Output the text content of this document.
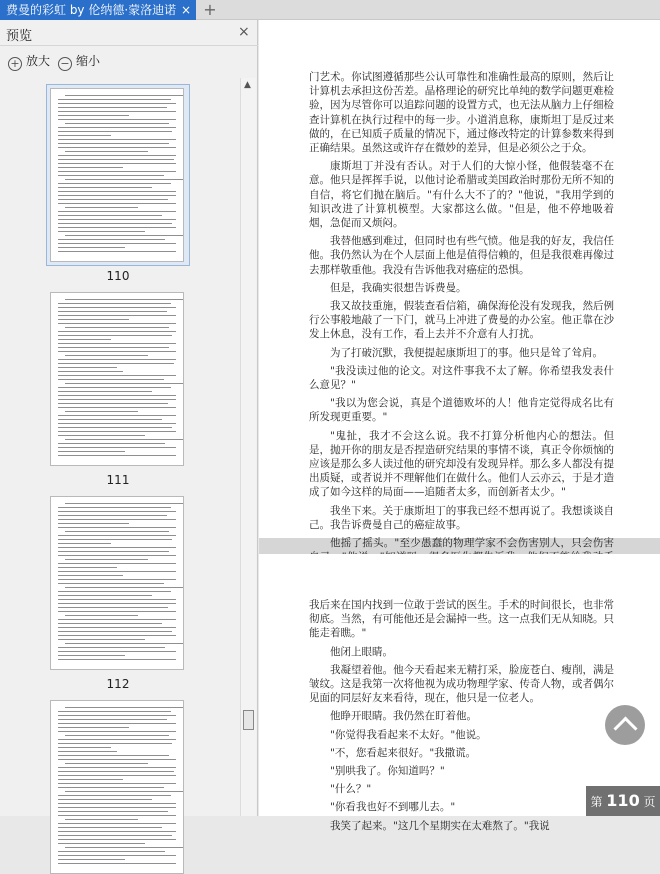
费曼的彩虹 by 伦纳德·蒙洛迪诺 × +
预览	×
+ 放大 − 缩小
110
111
112
▲

门艺术。你试图遵循那些公认可靠性和准确性最高的原则，然后让计算机去承担这份苦差。晶格理论的研究比单纯的数学问题更难检验，因为尽管你可以追踪问题的设置方式，也无法从脑力上仔细检查计算机在执行过程中的每一步。小道消息称，康斯坦丁是反过来做的，在已知质子质量的情况下，通过修改特定的计算参数来得到正确结果。虽然这或许存在微妙的差异，但是必须公之于众。

康斯坦丁并没有否认。对于人们的大惊小怪，他假装毫不在意。他只是挥挥手说，以他讨论希腊或美国政治时那份无所不知的自信，将它们抛在脑后。"有什么大不了的？"他说，"我用学到的知识改进了计算机模型。大家都这么做。"但是，他不停地吸着烟，急促而又烦闷。

我替他感到难过，但同时也有些气愤。他是我的好友，我信任他。我仍然认为在个人层面上他是值得信赖的，但是我很难再像过去那样敬重他。我没有告诉他我对癌症的恐惧。

但是，我确实很想告诉费曼。

我又故技重施，假装查看信箱，确保海伦没有发现我，然后例行公事般地敲了一下门，就马上冲进了费曼的办公室。他正靠在沙发上休息，没有工作，看上去并不介意有人打扰。

为了打破沉默，我便提起康斯坦丁的事。他只是耸了耸肩。

"我没读过他的论文。对这件事我不太了解。你希望我发表什么意见？"

"我以为您会说，真是个道德败坏的人！他肯定觉得成名比有所发现更重要。"

"鬼扯，我才不会这么说。我不打算分析他内心的想法。但是，抛开你的朋友是否捏造研究结果的事情不谈，真正令你烦恼的应该是那么多人读过他的研究却没有发现异样。那么多人都没有提出质疑，或者说并不理解他们在做什么。他们人云亦云，于是才造成了如今这样的局面——追随者太多，而创新者太少。"

我坐下来。关于康斯坦丁的事我已经不想再说了。我想谈谈自己。我告诉费曼自己的癌症故事。

他摇了摇头。"至少愚蠢的物理学家不会伤害别人，只会伤害

我后来在国内找到一位敢于尝试的医生。手术的时间很长，也非常彻底。当然，有可能他还是会漏掉一些。这一点我们无从知晓。只能走着瞧。"

他闭上眼睛。

我凝望着他。他今天看起来无精打采，脸庞苍白、瘦削，满是皱纹。这是我第一次将他视为成功物理学家、传奇人物，或者偶尔见面的同层好友来看待，现在，他只是一位老人。

他睁开眼睛。我仍然在盯着他。

"你觉得我看起来不太好。"他说。

"不，您看起来很好。"我撒谎。

"别哄我了。你知道吗？"

"什么？"

"你看我也好不到哪儿去。"

我笑了起来。"这几个星期实在太难熬了。"我说

第 110 页
